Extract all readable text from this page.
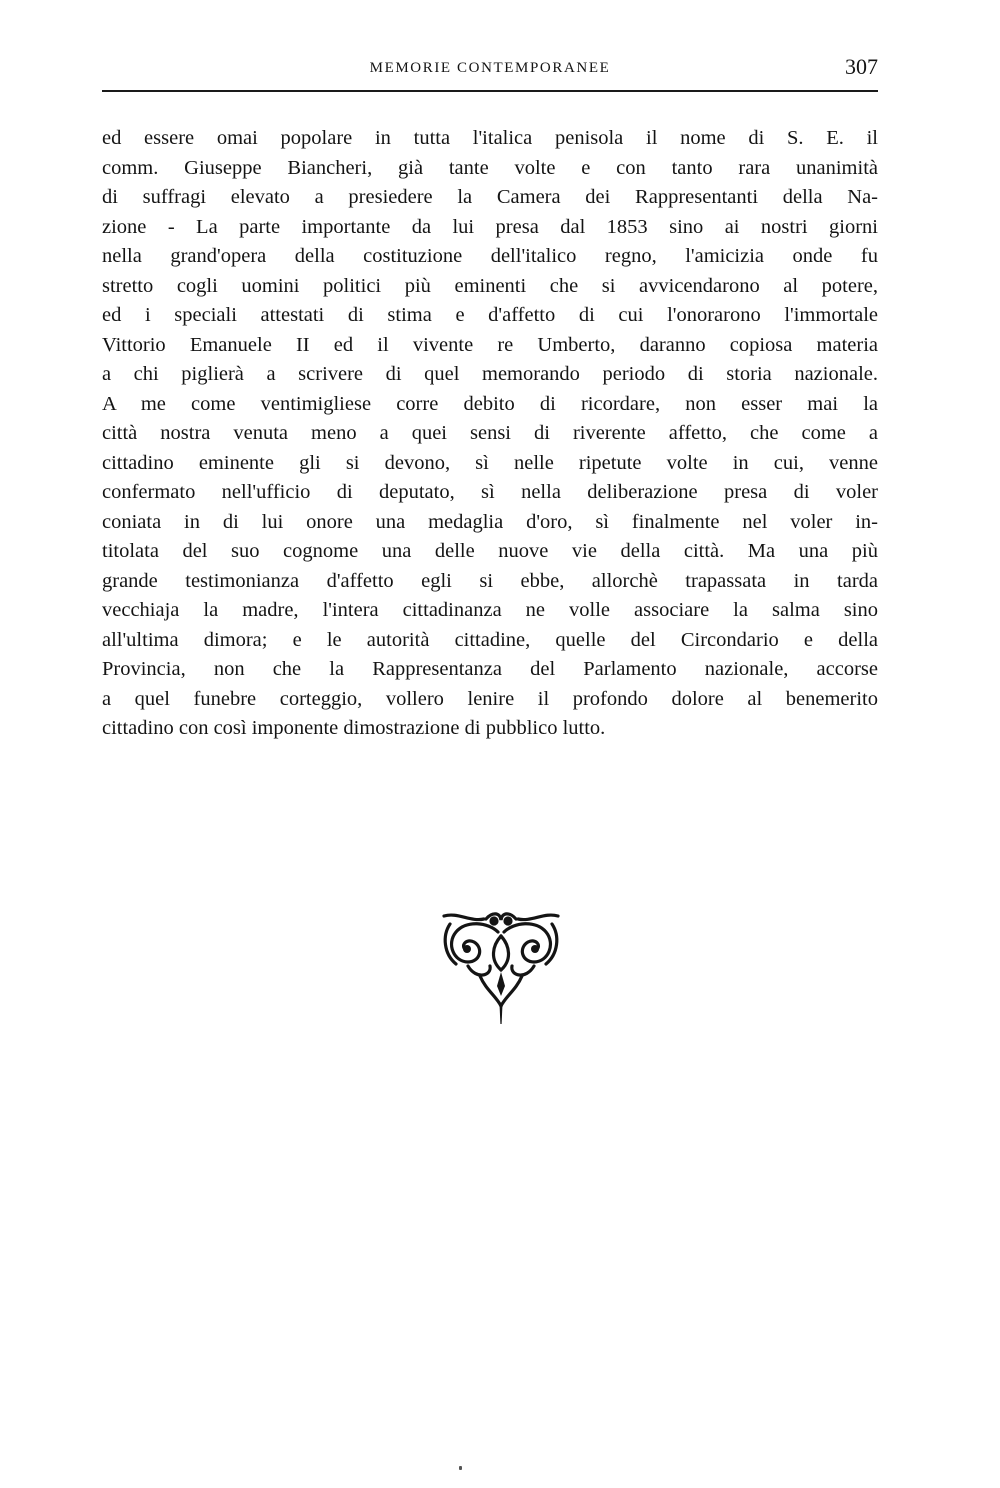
MEMORIE CONTEMPORANEE	307
ed essere omai popolare in tutta l'italica penisola il nome di S. E. il
comm. Giuseppe Biancheri, già tante volte e con tanto rara unanimità
di suffragi elevato a presiedere la Camera dei Rappresentanti della Na-
zione - La parte importante da lui presa dal 1853 sino ai nostri giorni
nella grand'opera della costituzione dell'italico regno, l'amicizia onde fu
stretto cogli uomini politici più eminenti che si avvicendarono al potere,
ed i speciali attestati di stima e d'affetto di cui l'onorarono l'immortale
Vittorio Emanuele II ed il vivente re Umberto, daranno copiosa materia
a chi piglierà a scrivere di quel memorando periodo di storia nazionale.
A me come ventimigliese corre debito di ricordare, non esser mai la
città nostra venuta meno a quei sensi di riverente affetto, che come a
cittadino eminente gli si devono, sì nelle ripetute volte in cui, venne
confermato nell'ufficio di deputato, sì nella deliberazione presa di voler
coniata in di lui onore una medaglia d'oro, sì finalmente nel voler in-
titolata del suo cognome una delle nuove vie della città. Ma una più
grande testimonianza d'affetto egli si ebbe, allorchè trapassata in tarda
vecchiaja la madre, l'intera cittadinanza ne volle associare la salma sino
all'ultima dimora; e le autorità cittadine, quelle del Circondario e della
Provincia, non che la Rappresentanza del Parlamento nazionale, accorse
a quel funebre corteggio, vollero lenire il profondo dolore al benemerito
cittadino con così imponente dimostrazione di pubblico lutto.
